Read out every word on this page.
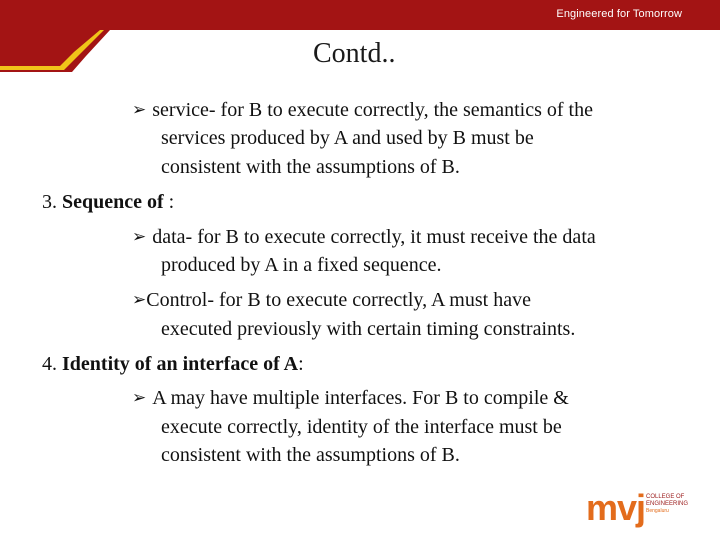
Engineered for Tomorrow
Contd..
➢ service- for B to execute correctly, the semantics of the
services produced by A and used by B must be
consistent with the assumptions of B.
3. Sequence of :
➢ data- for B to execute correctly, it must receive the data
produced by A in a fixed sequence.
➢Control- for B to execute correctly, A must have
executed previously with certain timing constraints.
4. Identity of an interface of A:
➢ A may have multiple interfaces. For B to compile &
execute correctly, identity of the interface must be
consistent with the assumptions of B.
mvj COLLEGE OF
ENGINEERING
Bengaluru
